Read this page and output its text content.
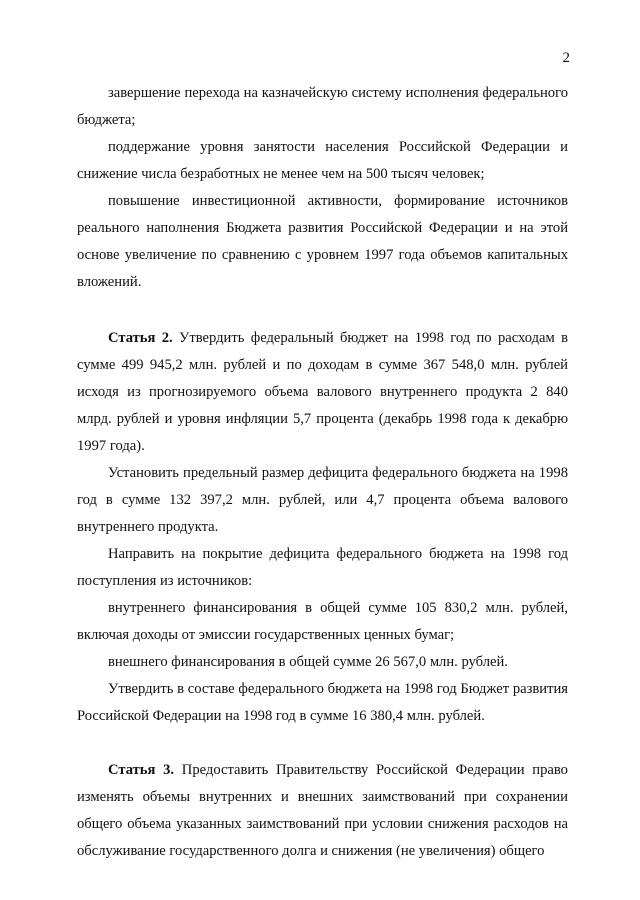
2

завершение перехода на казначейскую систему исполнения федерального бюджета;

поддержание уровня занятости населения Российской Федерации и снижение числа безработных не менее чем на 500 тысяч человек;

повышение инвестиционной активности, формирование источников реального наполнения Бюджета развития Российской Федерации и на этой основе увеличение по сравнению с уровнем 1997 года объемов капитальных вложений.

Статья 2. Утвердить федеральный бюджет на 1998 год по расходам в сумме 499 945,2 млн. рублей и по доходам в сумме 367 548,0 млн. рублей исходя из прогнозируемого объема валового внутреннего продукта 2 840 млрд. рублей и уровня инфляции 5,7 процента (декабрь 1998 года к декабрю 1997 года).

Установить предельный размер дефицита федерального бюджета на 1998 год в сумме 132 397,2 млн. рублей, или 4,7 процента объема валового внутреннего продукта.

Направить на покрытие дефицита федерального бюджета на 1998 год поступления из источников:

внутреннего финансирования в общей сумме 105 830,2 млн. рублей, включая доходы от эмиссии государственных ценных бумаг;

внешнего финансирования в общей сумме 26 567,0 млн. рублей.

Утвердить в составе федерального бюджета на 1998 год Бюджет развития Российской Федерации на 1998 год в сумме 16 380,4 млн. рублей.

Статья 3. Предоставить Правительству Российской Федерации право изменять объемы внутренних и внешних заимствований при сохранении общего объема указанных заимствований при условии снижения расходов на обслуживание государственного долга и снижения (не увеличения) общего
